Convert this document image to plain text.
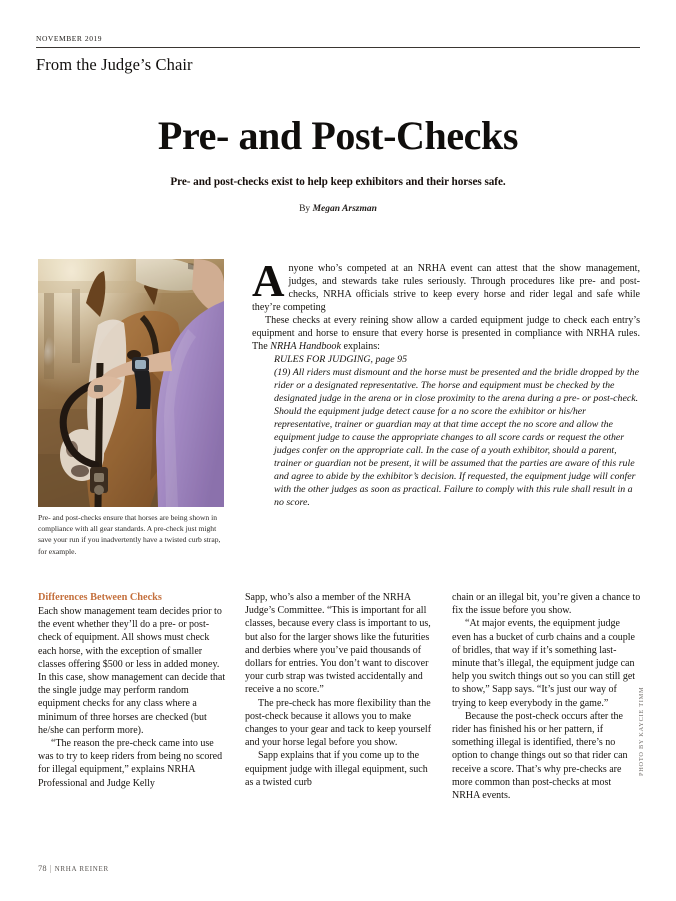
NOVEMBER 2019
From the Judge’s Chair
Pre- and Post-Checks
Pre- and post-checks exist to help keep exhibitors and their horses safe.
By Megan Arszman
Pre- and post-checks ensure that horses are being shown in compliance with all gear standards. A pre-check just might save your run if you inadvertently have a twisted curb strap, for example.

Anyone who’s competed at an NRHA event can attest that the show management, judges, and stewards take rules seriously. Through procedures like pre- and post-checks, NRHA officials strive to keep every horse and rider legal and safe while they’re competing

These checks at every reining show allow a carded equipment judge to check each entry’s equipment and horse to ensure that every horse is presented in compliance with NRHA rules. The NRHA Handbook explains:

RULES FOR JUDGING, page 95

(19) All riders must dismount and the horse must be presented and the bridle dropped by the rider or a designated representative. The horse and equipment must be checked by the designated judge in the arena or in close proximity to the arena during a pre- or post-check. Should the equipment judge detect cause for a no score the exhibitor or his/her representative, trainer or guardian may at that time accept the no score and allow the equipment judge to cause the appropriate changes to all score cards or request the other judges confer on the appropriate call. In the case of a youth exhibitor, should a parent, trainer or guardian not be present, it will be assumed that the parties are aware of this rule and agree to abide by the exhibitor’s decision. If requested, the equipment judge will confer with the other judges as soon as practical. Failure to comply with this rule shall result in a no score.

Differences Between Checks

Each show management team decides prior to the event whether they’ll do a pre- or post-check of equipment. All shows must check each horse, with the exception of smaller classes offering $500 or less in added money. In this case, show management can decide that the single judge may perform random equipment checks for any class where a minimum of three horses are checked (but he/she can perform more).

“The reason the pre-check came into use was to try to keep riders from being no scored for illegal equipment,” explains NRHA Professional and Judge Kelly

Sapp, who’s also a member of the NRHA Judge’s Committee. “This is important for all classes, because every class is important to us, but also for the larger shows like the futurities and derbies where you’ve paid thousands of dollars for entries. You don’t want to discover your curb strap was twisted accidentally and receive a no score.”

The pre-check has more flexibility than the post-check because it allows you to make changes to your gear and tack to keep yourself and your horse legal before you show.

Sapp explains that if you come up to the equipment judge with illegal equipment, such as a twisted curb

chain or an illegal bit, you’re given a chance to fix the issue before you show.

“At major events, the equipment judge even has a bucket of curb chains and a couple of bridles, that way if it’s something last-minute that’s illegal, the equipment judge can help you switch things out so you can still get to show,” Sapp says. “It’s just our way of trying to keep everybody in the game.”

Because the post-check occurs after the rider has finished his or her pattern, if something illegal is identified, there’s no option to change things out so that rider can receive a score. That’s why pre-checks are more common than post-checks at most NRHA events.

PHOTO BY KAYCIE TIMM
78 | NRHA REINER
